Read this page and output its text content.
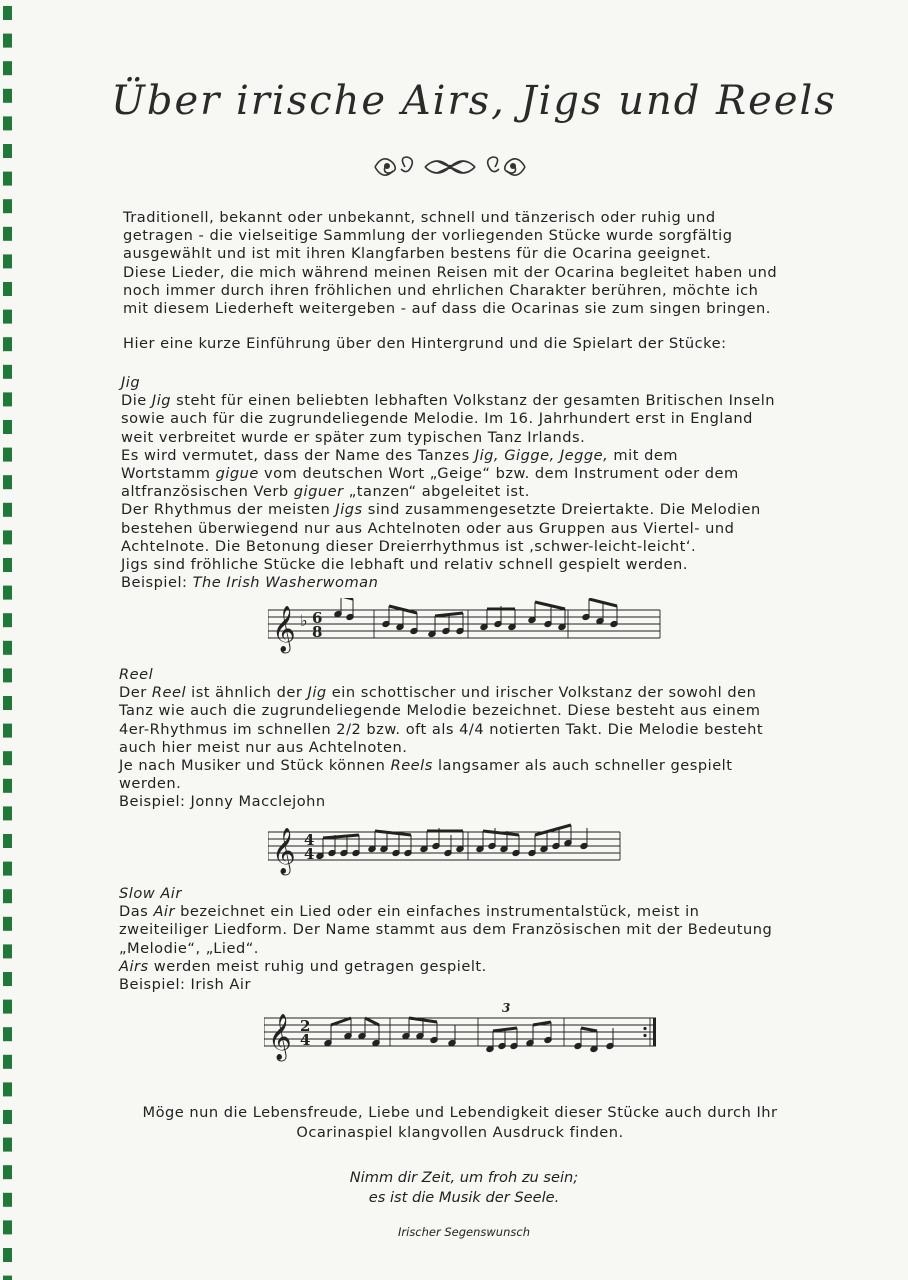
Über irische Airs, Jigs und Reels

Traditionell, bekannt oder unbekannt, schnell und tänzerisch oder ruhig und

getragen - die vielseitige Sammlung der vorliegenden Stücke wurde sorgfältig

ausgewählt und ist mit ihren Klangfarben bestens für die Ocarina geeignet.

Diese Lieder, die mich während meinen Reisen mit der Ocarina begleitet haben und

noch immer durch ihren fröhlichen und ehrlichen Charakter berühren, möchte ich

mit diesem Liederheft weitergeben - auf dass die Ocarinas sie zum singen bringen.

Hier eine kurze Einführung über den Hintergrund und die Spielart der Stücke:

Jig

Die Jig steht für einen beliebten lebhaften Volkstanz der gesamten Britischen Inseln

sowie auch für die zugrundeliegende Melodie. Im 16. Jahrhundert erst in England

weit verbreitet wurde er später zum typischen Tanz Irlands.

Es wird vermutet, dass der Name des Tanzes Jig, Gigge, Jegge, mit dem

Wortstamm gigue vom deutschen Wort „Geige“ bzw. dem Instrument oder dem

altfranzösischen Verb giguer „tanzen“ abgeleitet ist.

Der Rhythmus der meisten Jigs sind zusammengesetzte Dreiertakte. Die Melodien

bestehen überwiegend nur aus Achtelnoten oder aus Gruppen aus Viertel- und

Achtelnote. Die Betonung dieser Dreierrhythmus ist ‚schwer-leicht-leicht‘.

Jigs sind fröhliche Stücke die lebhaft und relativ schnell gespielt werden.

Beispiel: The Irish Washerwoman

𝄞 ♭ 6
8

Reel

Der Reel ist ähnlich der Jig ein schottischer und irischer Volkstanz der sowohl den

Tanz wie auch die zugrundeliegende Melodie bezeichnet. Diese besteht aus einem

4er-Rhythmus im schnellen 2/2 bzw. oft als 4/4 notierten Takt. Die Melodie besteht

auch hier meist nur aus Achtelnoten.

Je nach Musiker und Stück können Reels langsamer als auch schneller gespielt

werden.

Beispiel: Jonny Macclejohn

𝄞 4
4

Slow Air

Das Air bezeichnet ein Lied oder ein einfaches instrumentalstück, meist in

zweiteiliger Liedform. Der Name stammt aus dem Französischen mit der Bedeutung

„Melodie“, „Lied“.

Airs werden meist ruhig und getragen gespielt.

Beispiel: Irish Air

𝄞 2
4
3
Möge nun die Lebensfreude, Liebe und Lebendigkeit dieser Stücke auch durch Ihr
Ocarinaspiel klangvollen Ausdruck finden.
Nimm dir Zeit, um froh zu sein;
es ist die Musik der Seele.
Irischer Segenswunsch
